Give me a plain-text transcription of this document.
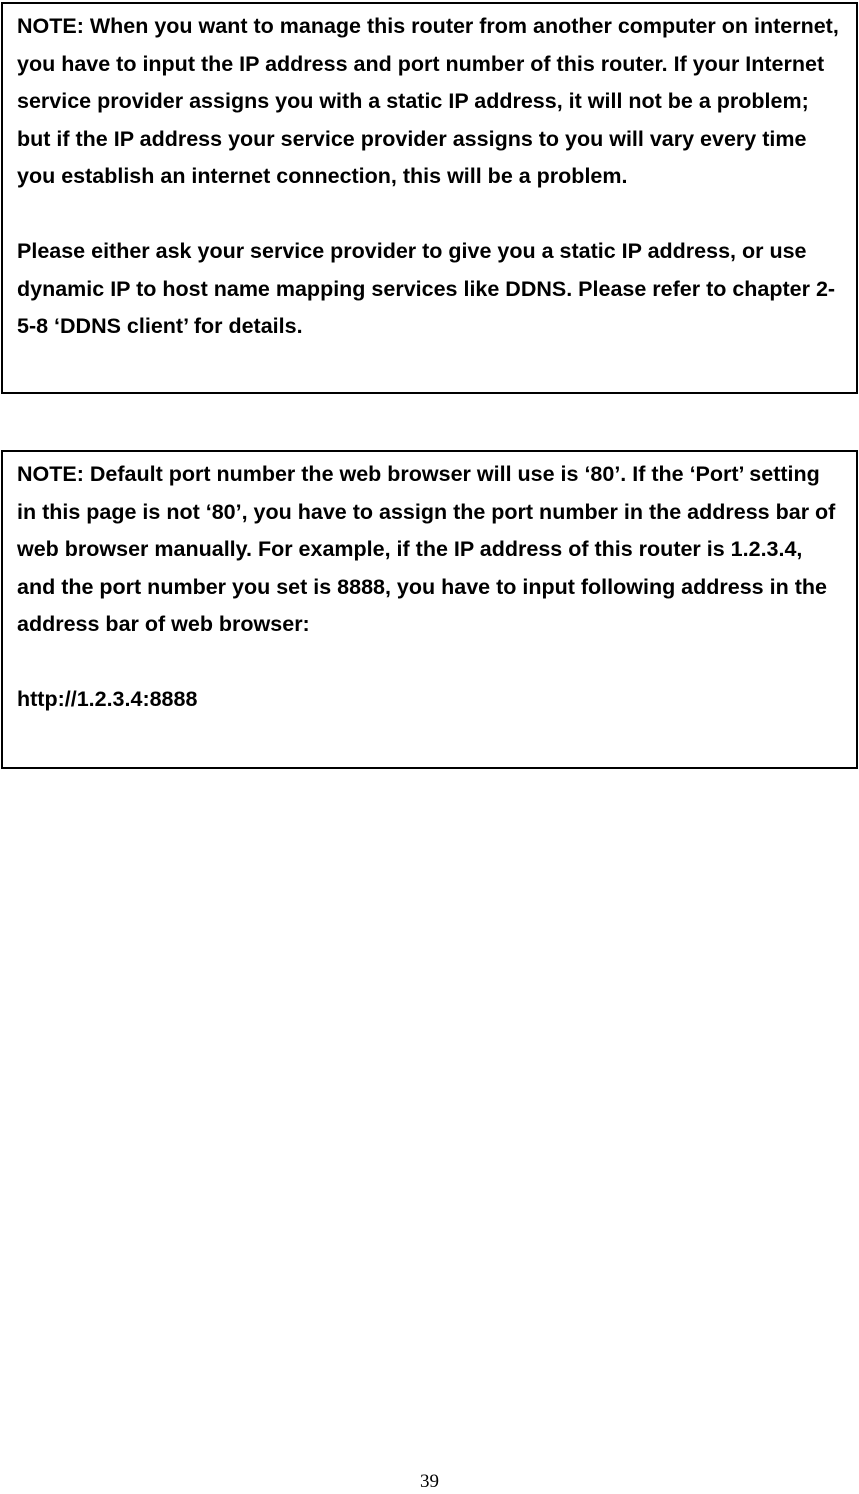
NOTE: When you want to manage this router from another computer on internet, you have to input the IP address and port number of this router. If your Internet service provider assigns you with a static IP address, it will not be a problem; but if the IP address your service provider assigns to you will vary every time you establish an internet connection, this will be a problem.

Please either ask your service provider to give you a static IP address, or use dynamic IP to host name mapping services like DDNS. Please refer to chapter 2-5-8 ‘DDNS client’ for details.

NOTE: Default port number the web browser will use is ‘80’. If the ‘Port’ setting in this page is not ‘80’, you have to assign the port number in the address bar of web browser manually. For example, if the IP address of this router is 1.2.3.4, and the port number you set is 8888, you have to input following address in the address bar of web browser:

http://1.2.3.4:8888

39
